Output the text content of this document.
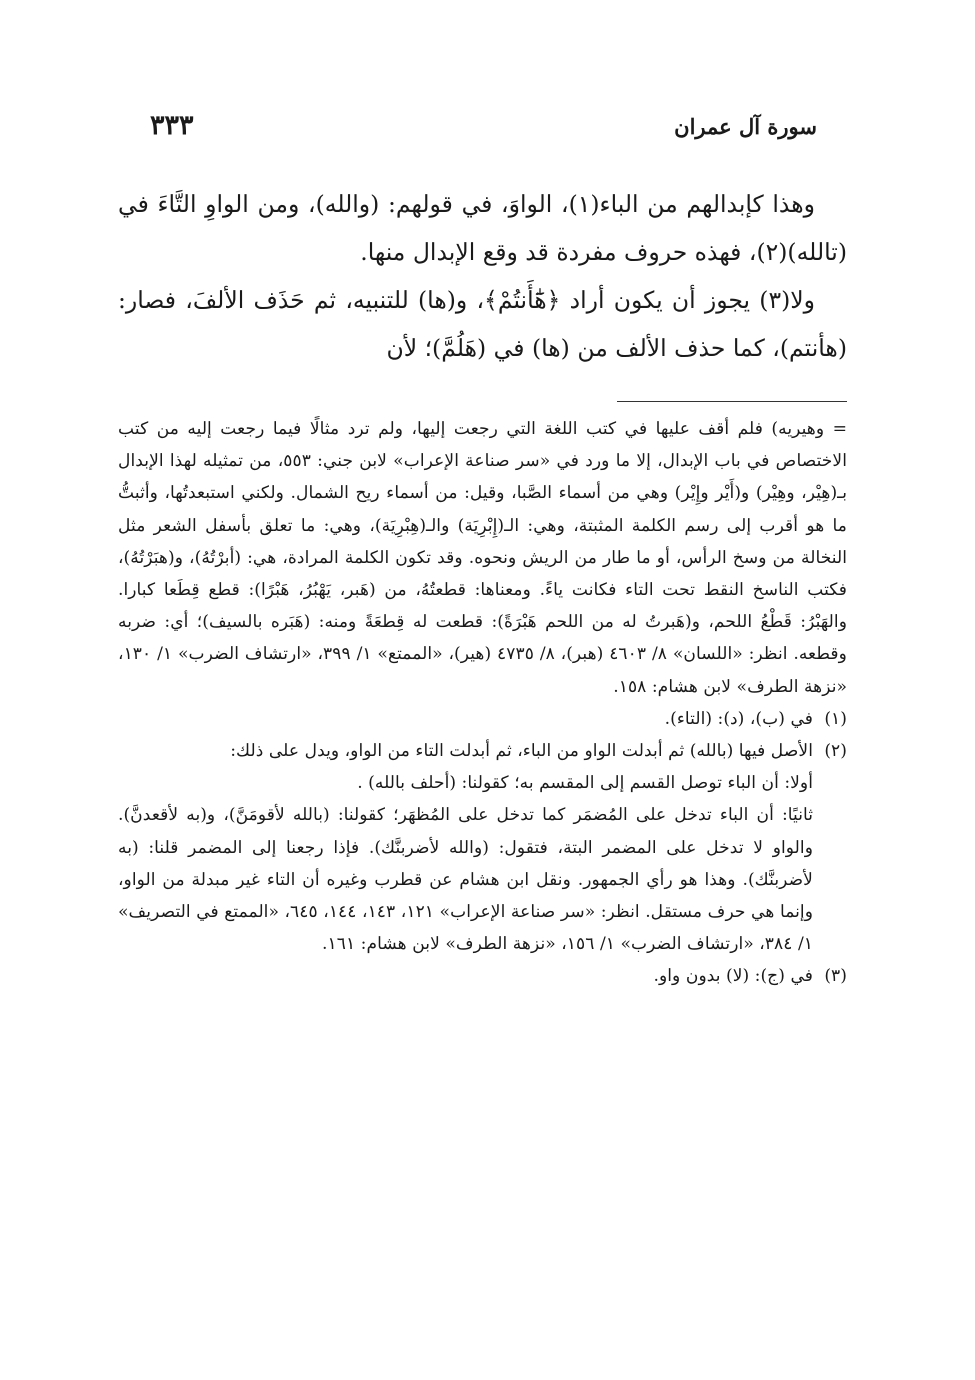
سورة آل عمران
٣٣٣

وهذا كإبدالهم من الباء(١)، الواوَ، في قولهم: (والله)، ومن الواوِ التَّاءَ في (تالله)(٢)، فهذه حروف مفردة قد وقع الإبدال منها.

ولا(٣) يجوز أن يكون أراد ﴿هَٰٓأَنتُمْ﴾، و(ها) للتنبيه، ثم حَذَف الألفَ، فصار: (هأنتم)، كما حذف الألف من (ها) في (هَلُمَّ)؛ لأن

= وهيريه) فلم أقف عليها في كتب اللغة التي رجعت إليها، ولم ترد مثالًا فيما رجعت إليه من كتب الاختصاص في باب الإبدال، إلا ما ورد في «سر صناعة الإعراب» لابن جني: ٥٥٣، من تمثيله لهذا الإبدال بـ(هِيْر، وهِيْر) و(أَيْر وإِيْر) وهي من أسماء الصَّبا، وقيل: من أسماء ريح الشمال. ولكني استبعدتُها، وأثبتُّ ما هو أقرب إلى رسم الكلمة المثبتة، وهي: الـ(إِبْرِيَة) والـ(هِبْرِيَة)، وهي: ما تعلق بأسفل الشعر مثل النخالة من وسخ الرأس، أو ما طار من الريش ونحوه. وقد تكون الكلمة المرادة، هي: (أبرْتُهُ)، و(هبَرْتُهُ)، فكتب الناسخ النقط تحت التاء فكانت ياءً. ومعناها: قطعتُهُ، من (هَبر، يَهْبُرُ، هَبْرًا): قطع قِطَعا كبارا. والهَبْرُ: قَطْعُ اللحم، و(هَبرتُ له من اللحم هَبْرَةً): قطعت له قِطعَةً ومنه: (هَبَره بالسيف)؛ أي: ضربه وقطعه. انظر: «اللسان» ٨/ ٤٦٠٣ (هبر)، ٨/ ٤٧٣٥ (هير)، «الممتع» ١/ ٣٩٩، «ارتشاف الضرب» ١/ ١٣٠، «نزهة الطرف» لابن هشام: ١٥٨.

(١)
في (ب)، (د): (التاء).
(٢)

الأصل فيها (بالله) ثم أبدلت الواو من الباء، ثم أبدلت التاء من الواو، ويدل على ذلك:

أولا: أن الباء توصل القسم إلى المقسم به؛ كقولنا: (أحلف بالله) .

ثانيًا: أن الباء تدخل على المُضمَر كما تدخل على المُظهَر؛ كقولنا: (بالله لأقومَنَّ)، و(به لأقعدنَّ). والواو لا تدخل على المضمر البتة، فتقول: (والله لأضربنَّك). فإذا رجعنا إلى المضمر قلنا: (به لأضربنَّك). وهذا هو رأي الجمهور. ونقل ابن هشام عن قطرب وغيره أن التاء غير مبدلة من الواو، وإنما هي حرف مستقل. انظر: «سر صناعة الإعراب» ١٢١، ١٤٣، ١٤٤، ٦٤٥، «الممتع في التصريف» ١/ ٣٨٤، «ارتشاف الضرب» ١/ ١٥٦، «نزهة الطرف» لابن هشام: ١٦١.

(٣)
في (ج): (لا) بدون واو.
